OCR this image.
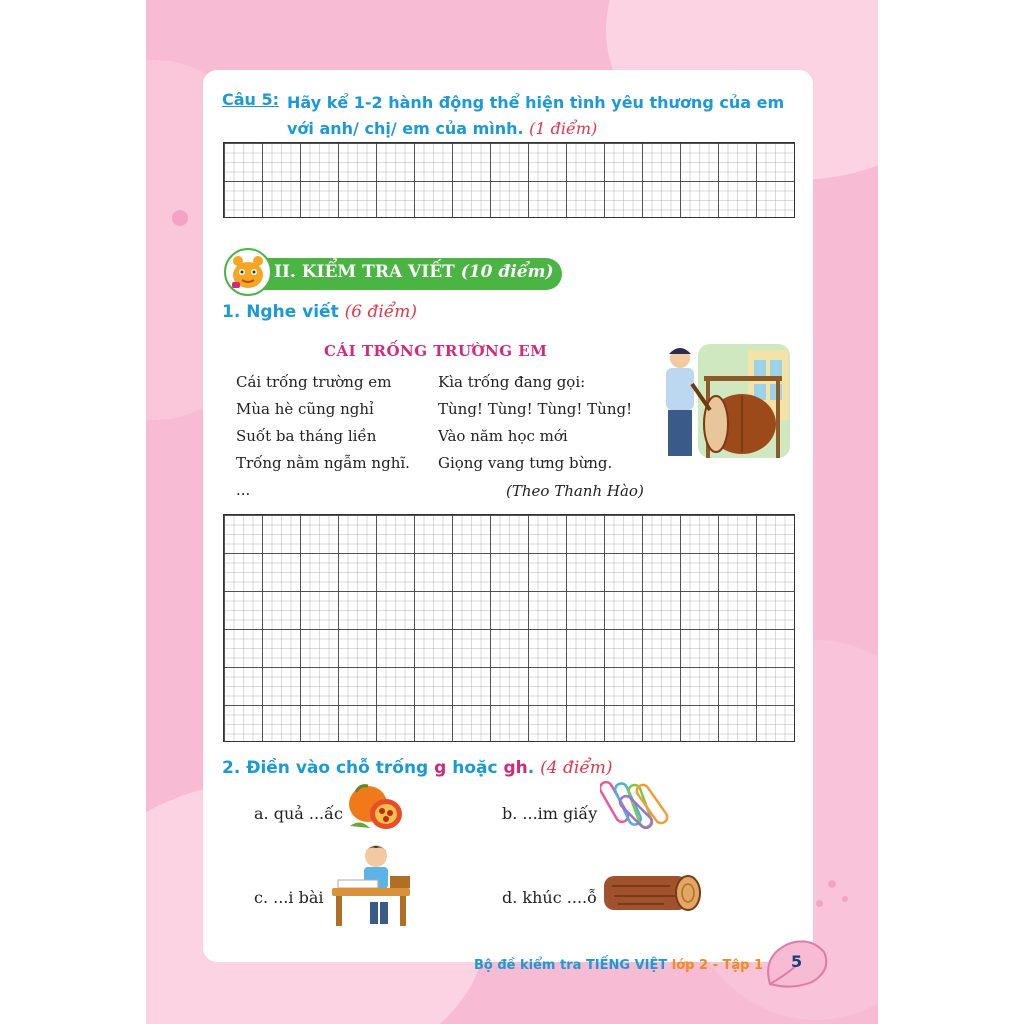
Câu 5: Hãy kể 1-2 hành động thể hiện tình yêu thương của em với anh/ chị/ em của mình. (1 điểm)
II. KIỂM TRA VIẾT (10 điểm)
1. Nghe viết (6 điểm)
CÁI TRỐNG TRƯỜNG EM
Cái trống trường em
Mùa hè cũng nghỉ
Suốt ba tháng liền
Trống nằm ngẫm nghĩ.
...
Kìa trống đang gọi:
Tùng! Tùng! Tùng! Tùng!
Vào năm học mới
Giọng vang tưng bừng.
(Theo Thanh Hào)
2. Điền vào chỗ trống g hoặc gh. (4 điểm)
a. quả ...ấc	b. ...im giấy
c. ...i bài	d. khúc ....ỗ
Bộ đề kiểm tra TIẾNG VIỆT lớp 2 - Tập 1 5
